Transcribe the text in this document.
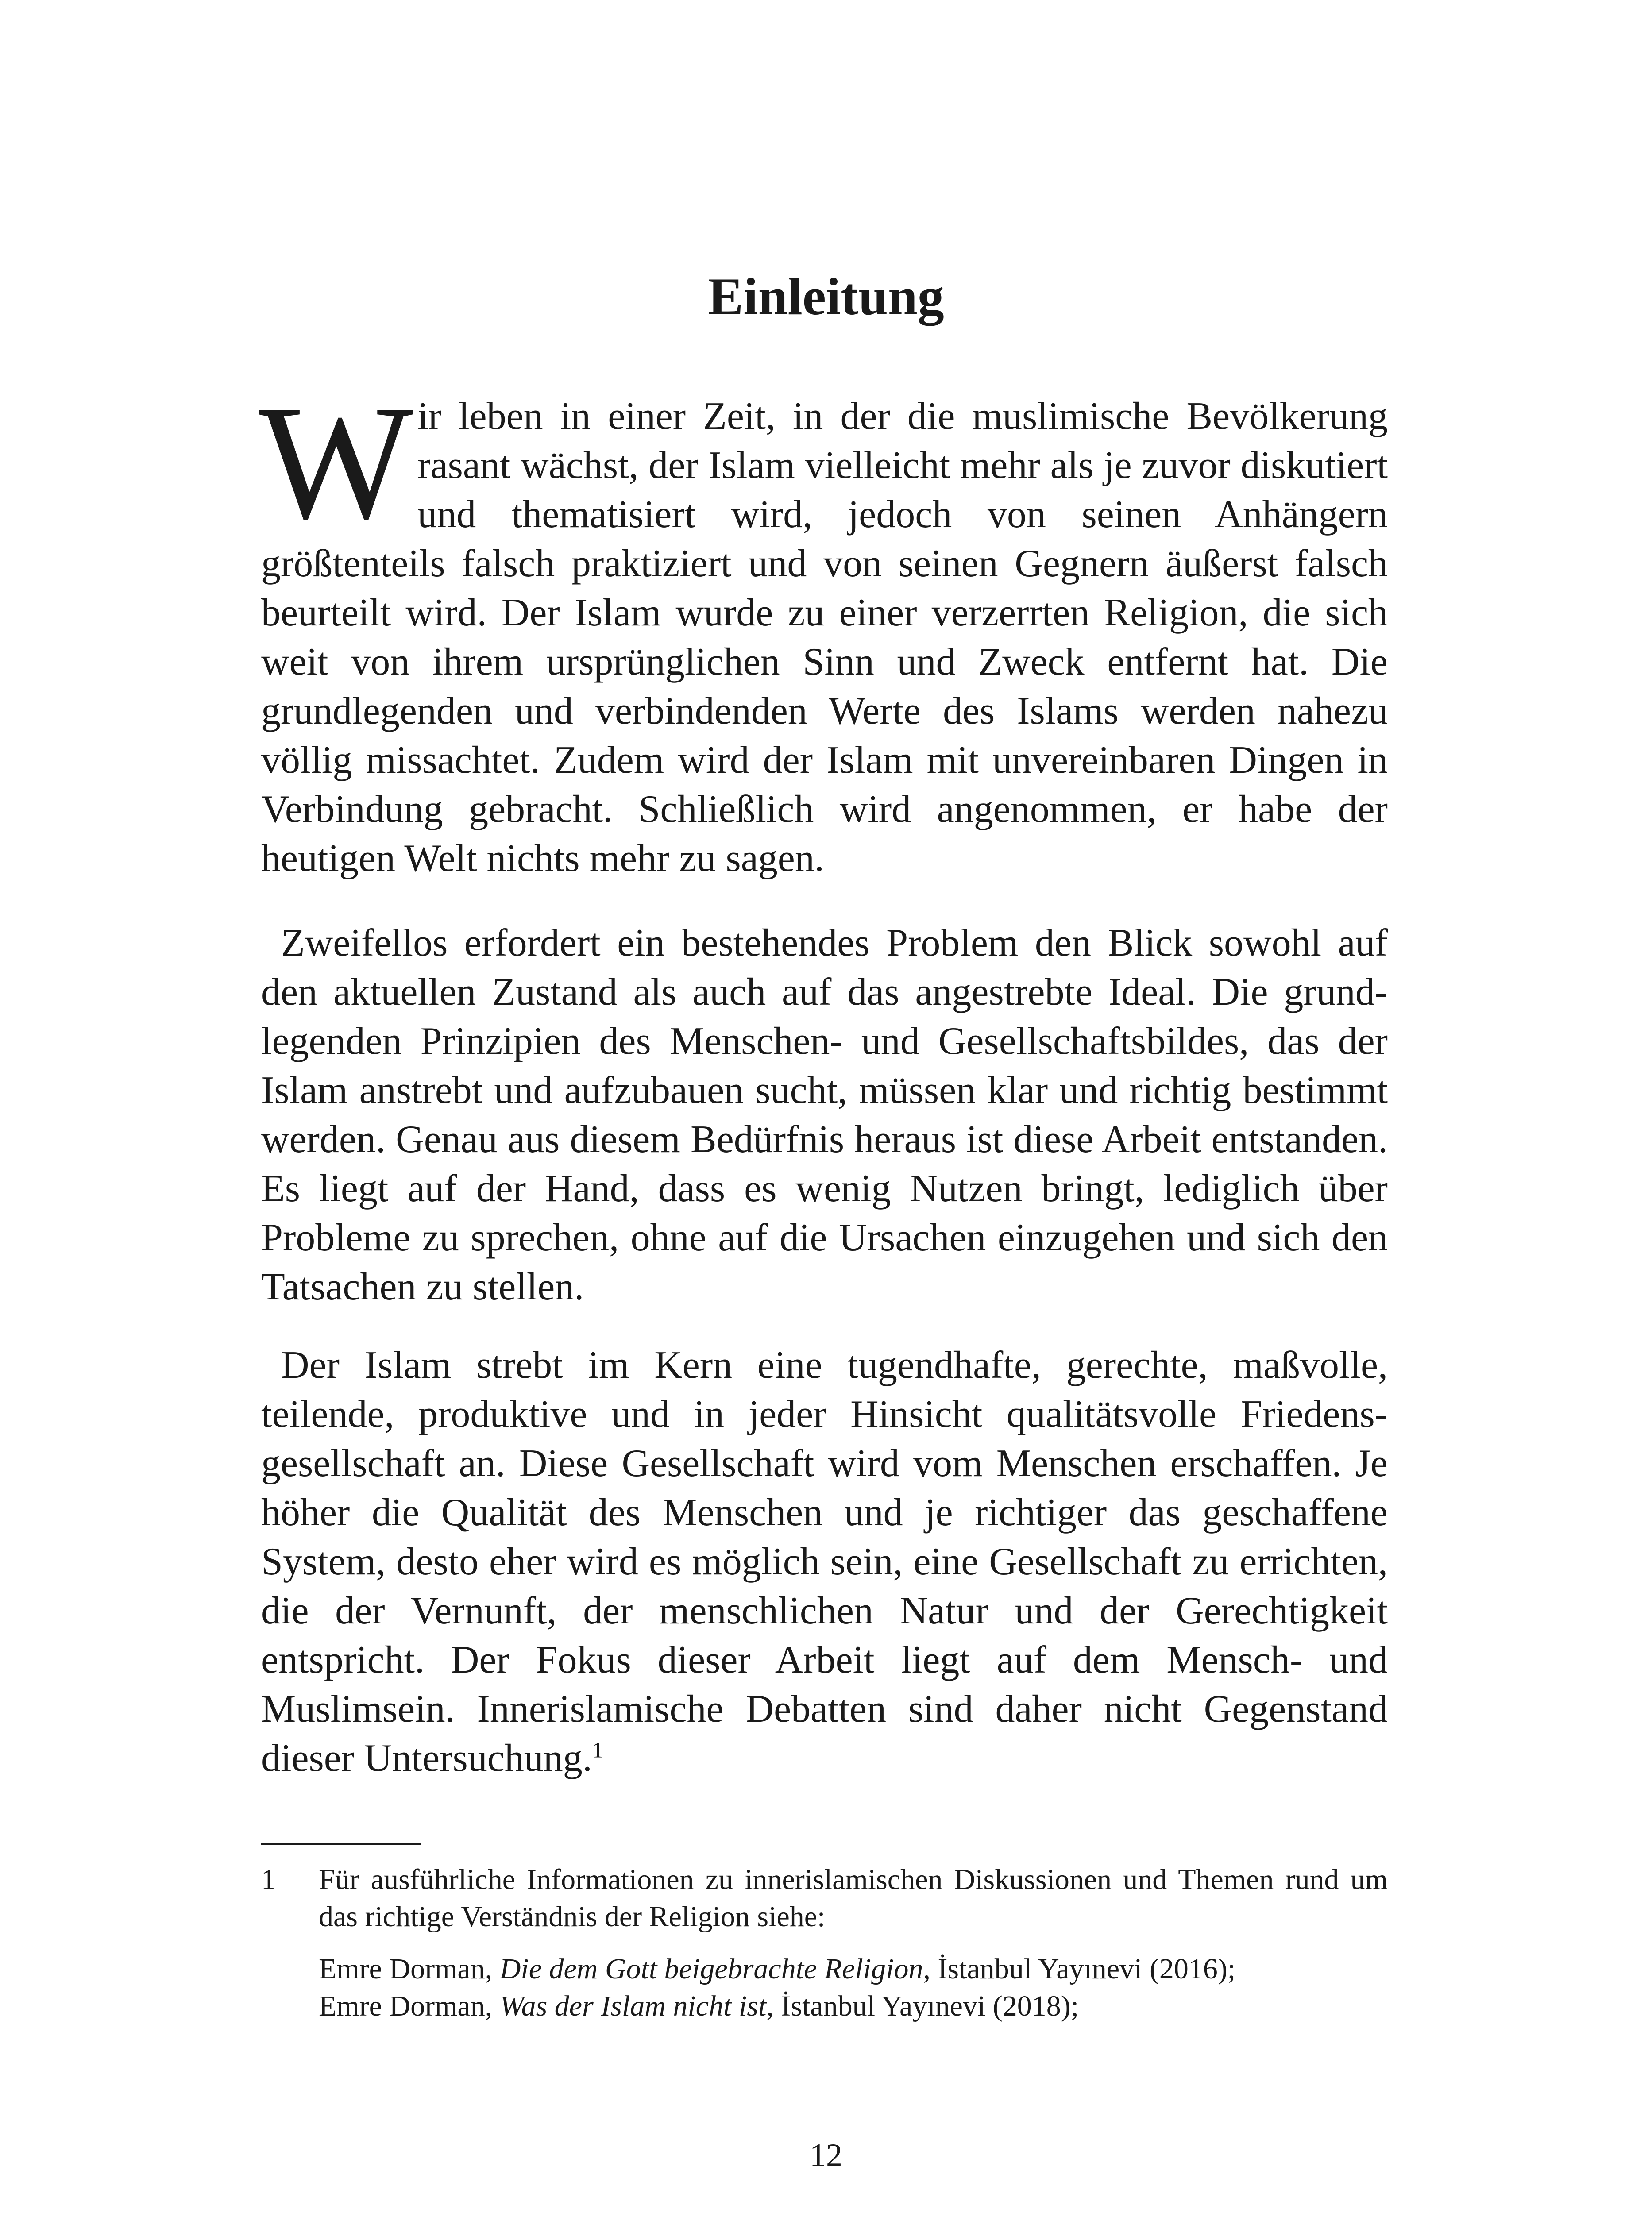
Einleitung

Wir leben in einer Zeit, in der die muslimische Bevölkerung rasant wächst, der Islam vielleicht mehr als je zuvor diskutiert und thematisiert wird, jedoch von seinen Anhängern größtenteils falsch praktiziert und von seinen Gegnern äußerst falsch beurteilt wird. Der Islam wurde zu einer verzerrten Religion, die sich weit von ihrem ursprünglichen Sinn und Zweck entfernt hat. Die grundlegenden und verbindenden Werte des Islams werden nahezu völlig missachtet. Zudem wird der Islam mit unvereinbaren Dingen in Verbindung gebracht. Schließlich wird angenommen, er habe der heutigen Welt nichts mehr zu sagen.

Zweifellos erfordert ein bestehendes Problem den Blick sowohl auf den aktuellen Zustand als auch auf das angestrebte Ideal. Die grundlegenden Prinzipien des Menschen- und Gesellschaftsbildes, das der Islam anstrebt und aufzubauen sucht, müssen klar und richtig bestimmt werden. Genau aus diesem Bedürfnis heraus ist diese Arbeit entstanden. Es liegt auf der Hand, dass es wenig Nutzen bringt, lediglich über Probleme zu sprechen, ohne auf die Ursachen einzugehen und sich den Tatsachen zu stellen.

Der Islam strebt im Kern eine tugendhafte, gerechte, maßvolle, teilende, produktive und in jeder Hinsicht qualitätsvolle Friedensgesellschaft an. Diese Gesellschaft wird vom Menschen erschaffen. Je höher die Qualität des Menschen und je richtiger das geschaffene System, desto eher wird es möglich sein, eine Gesellschaft zu errichten, die der Vernunft, der menschlichen Natur und der Gerechtigkeit entspricht. Der Fokus dieser Arbeit liegt auf dem Mensch- und Muslimsein. Innerislamische Debatten sind daher nicht Gegenstand dieser Untersuchung.$^1$

1	Für ausführliche Informationen zu innerislamischen Diskussionen und Themen rund um das richtige Verständnis der Religion siehe:
Emre Dorman, Die dem Gott beigebrachte Religion, İstanbul Yayınevi (2016);
Emre Dorman, Was der Islam nicht ist, İstanbul Yayınevi (2018);
12
